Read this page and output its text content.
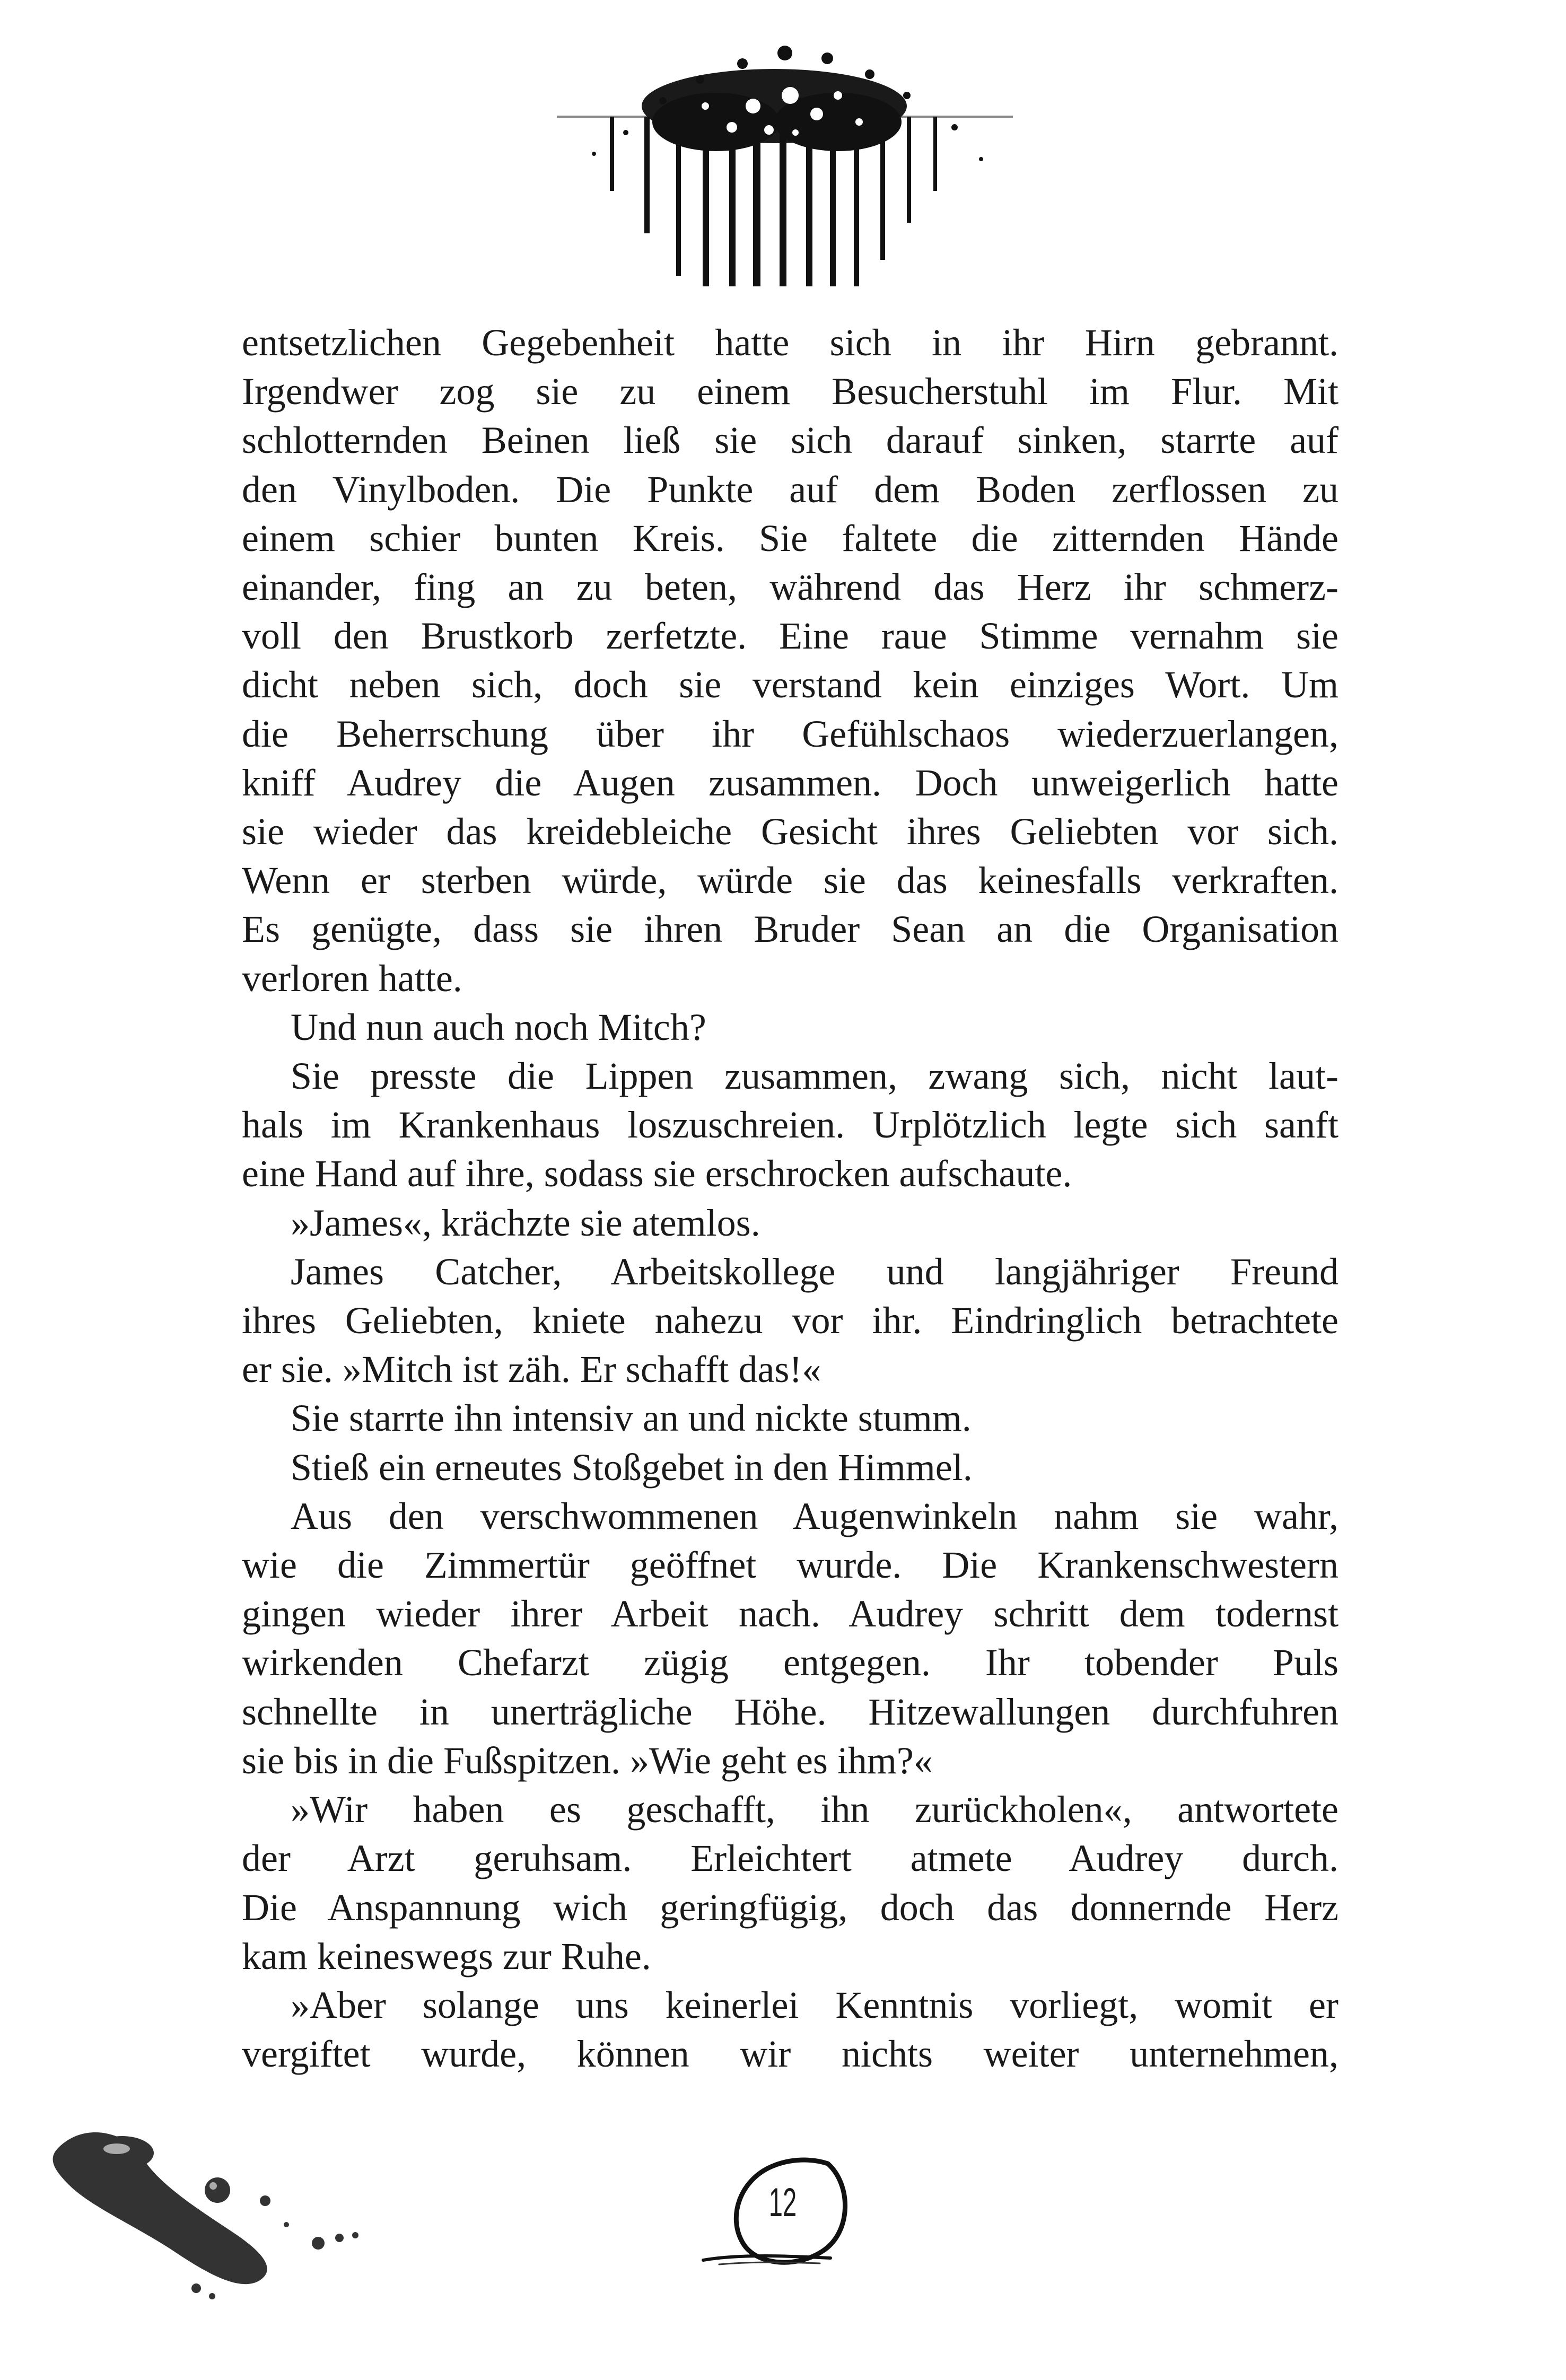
entsetzlichen Gegebenheit hatte sich in ihr Hirn gebrannt.
Irgendwer zog sie zu einem Besucherstuhl im Flur. Mit
schlotternden Beinen ließ sie sich darauf sinken, starrte auf
den Vinylboden. Die Punkte auf dem Boden zerflossen zu
einem schier bunten Kreis. Sie faltete die zitternden Hände
einander, fing an zu beten, während das Herz ihr schmerz-
voll den Brustkorb zerfetzte. Eine raue Stimme vernahm sie
dicht neben sich, doch sie verstand kein einziges Wort. Um
die Beherrschung über ihr Gefühlschaos wiederzuerlangen,
kniff Audrey die Augen zusammen. Doch unweigerlich hatte
sie wieder das kreidebleiche Gesicht ihres Geliebten vor sich.
Wenn er sterben würde, würde sie das keinesfalls verkraften.
Es genügte, dass sie ihren Bruder Sean an die Organisation
verloren hatte.

Und nun auch noch Mitch?

Sie presste die Lippen zusammen, zwang sich, nicht laut-
hals im Krankenhaus loszuschreien. Urplötzlich legte sich sanft
eine Hand auf ihre, sodass sie erschrocken aufschaute.

»James«, krächzte sie atemlos.

James Catcher, Arbeitskollege und langjähriger Freund
ihres Geliebten, kniete nahezu vor ihr. Eindringlich betrachtete
er sie. »Mitch ist zäh. Er schafft das!«

Sie starrte ihn intensiv an und nickte stumm.

Stieß ein erneutes Stoßgebet in den Himmel.

Aus den verschwommenen Augenwinkeln nahm sie wahr,
wie die Zimmertür geöffnet wurde. Die Krankenschwestern
gingen wieder ihrer Arbeit nach. Audrey schritt dem todernst
wirkenden Chefarzt zügig entgegen. Ihr tobender Puls
schnellte in unerträgliche Höhe. Hitzewallungen durchfuhren
sie bis in die Fußspitzen. »Wie geht es ihm?«

»Wir haben es geschafft, ihn zurückholen«, antwortete
der Arzt geruhsam. Erleichtert atmete Audrey durch.
Die Anspannung wich geringfügig, doch das donnernde Herz
kam keineswegs zur Ruhe.

»Aber solange uns keinerlei Kenntnis vorliegt, womit er
vergiftet wurde, können wir nichts weiter unternehmen,

12
